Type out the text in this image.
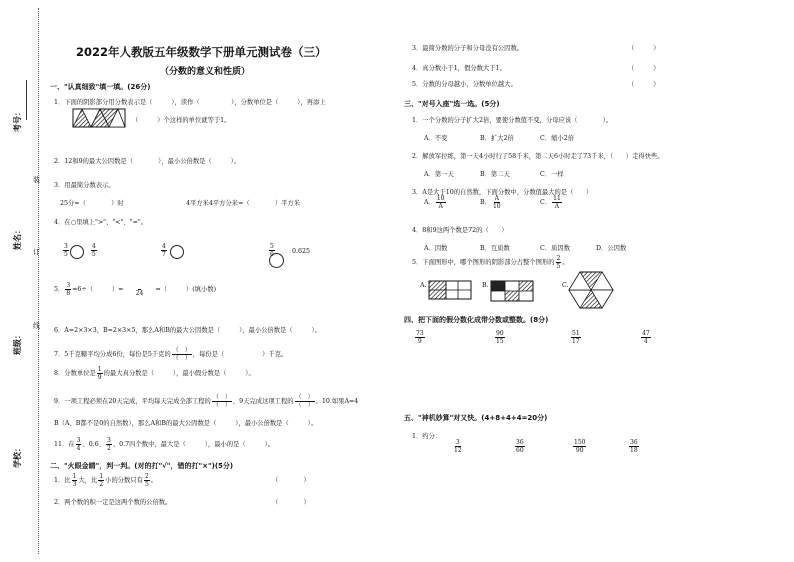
考号：
装
姓名：
订
班级：
线
学校：
2022年人教版五年级数学下册单元测试卷（三）
（分数的意义和性质）
一、"认真细致"填一填。(26分)
1．下面的阴影部分用分数表示是（　　　），读作（　　　　　），分数单位是（　　　），再添上
（　　　）个这样的单位就等于1。
2．12和9的最大公因数是（　　　　），最小公倍数是（　　　）。
3．用最简分数表示。
25分=（　　　　）时	4平方米4平方分米=（　　　　）平方米
4．在○里填上">"、"<"、"="。
$\frac{3}{5}$
	$\frac{4}{5}$	$\frac{4}{7}$	$\frac{5}{6}$	0.625
5． $\frac{3}{8} =6\div$（　　　）=

24
=（　　　）(填小数)
6．A=2×3×3，B=2×3×5，那么A和B的最大公因数是（　　　），最小公倍数是（　　　）。
7．5千克糖平均分成6份，每份是5千克的 $\frac{( )}{( )}$ ，每份是（　　　　　　）千克。
8．分数单位是 $\frac{1}{9}$ 的最大真分数是（　　　），最小假分数是（　　　）。
9．一项工程必须在20天完成，平均每天完成全部工程的 $\frac{( )}{( )}$ ，9天完成这项工程的 $\frac{( )}{( )}$ 。10.如果A=4
B（A、B都不是0的自然数），那么A和B的最大公因数是（　　　），最小公倍数是（　　　）。
11．在 $\frac{3}{4}$ 、0.6、 $\frac{3}{2}$ 、0.7四个数中，最大是（　　　），最小的是（　　　）。
二、"火眼金睛"，判一判。(对的打"√"，错的打"×")(5分)
1．比 $\frac{1}{3}$ 大，比 $\frac{1}{2}$ 小的分数只有 $\frac{2}{5}$ 。	（　　　　）
2．两个数的积一定是这两个数的公倍数。	（　　　　）
3．最简分数的分子和分母没有公因数。	（　　　）
4．真分数小于1，假分数大于1。	（　　　）
5．分数的分母越小，分数单位越大。	（　　　）
三、"对号入座"选一选。(5分)
1．一个分数的分子扩大2倍，要使分数值不变，分母应该（　　　　）。
A．不变	B．扩大2倍	C．缩小2倍
2．解放军拉练，第一天4小时行了58千米，第二天6小时走了73千米，（　　）走得快些。
A．第一天	B．第二天	C．一样
3．A是大于10的自然数，下面分数中，分数值最大的是（　　）
A． $\frac{10}{A}$	B． $\frac{A}{10}$	C． $\frac{11}{A}$
4．8和9这两个数是72的（　　）
A．因数	B．互质数	C．质因数	D．公因数
5．下面图形中，哪个图形的阴影部分占整个图形的 $\frac{2}{5}$ 。
A.	B.	C.
四、把下面的假分数化成带分数或整数。(8分)
$\frac{73}{9}$	$\frac{90}{15}$	$\frac{51}{17}$	$\frac{47}{4}$
五、"神机妙算"对又快。(4+8+4+4=20分)
1．约分：
$\frac{3}{12}$	$\frac{36}{60}$	$\frac{150}{90}$	$\frac{36}{18}$
